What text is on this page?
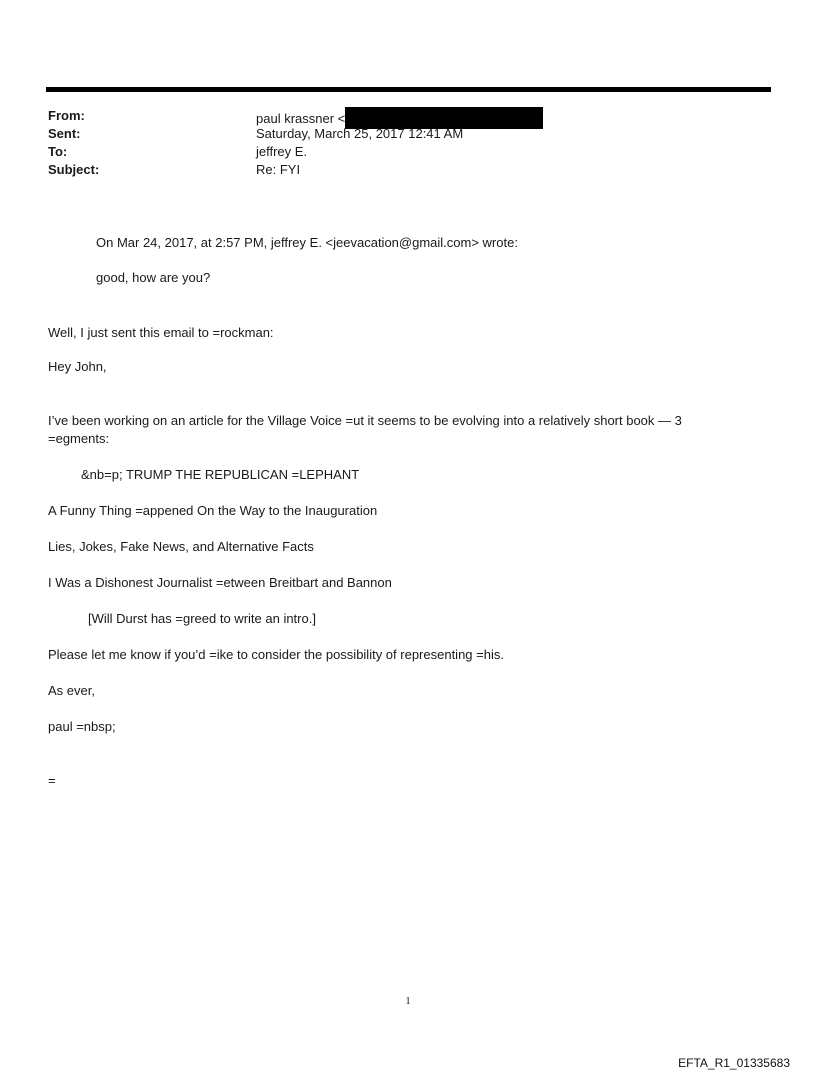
From:	paul krassner <
Sent:	Saturday, March 25, 2017 12:41 AM
To:	jeffrey E.
Subject:	Re: FYI
On Mar 24, 2017, at 2:57 PM, jeffrey E. <jeevacation@gmail.com> wrote:
good, how are you?
Well, I just sent this email to =rockman:
Hey John,
I’ve been working on an article for the Village Voice =ut it seems to be evolving into a relatively short book — 3
=egments:
&nb=p; TRUMP THE REPUBLICAN =LEPHANT
A Funny Thing =appened On the Way to the Inauguration
Lies, Jokes, Fake News, and Alternative Facts
I Was a Dishonest Journalist =etween Breitbart and Bannon
[Will Durst has =greed to write an intro.]
Please let me know if you’d =ike to consider the possibility of representing =his.
As ever,
paul =nbsp;
=
1
EFTA_R1_01335683
